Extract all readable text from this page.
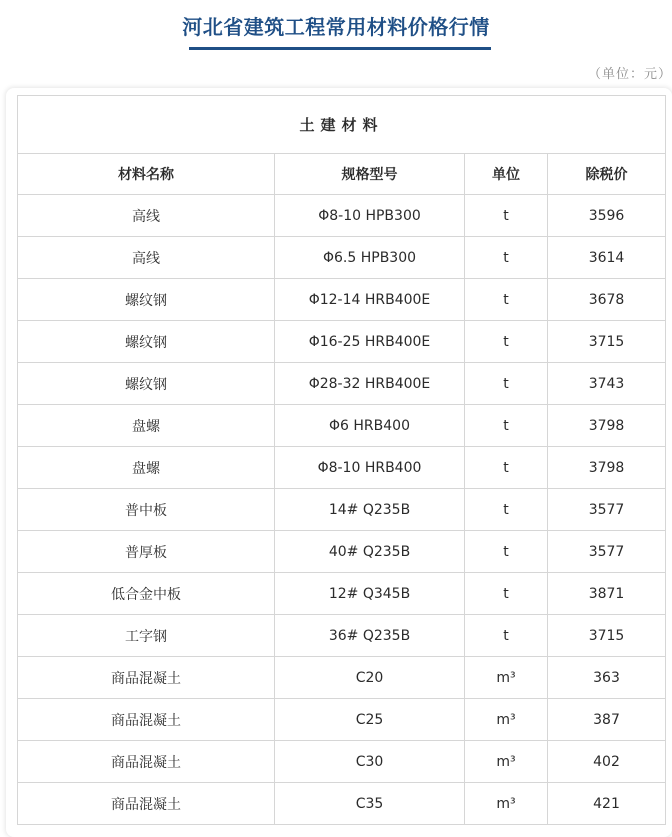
河北省建筑工程常用材料价格行情
（单位：元）
土建材料			
材料名称	规格型号	单位	除税价
高线	Φ8-10 HPB300	t	3596
高线	Φ6.5 HPB300	t	3614
螺纹钢	Φ12-14 HRB400E	t	3678
螺纹钢	Φ16-25 HRB400E	t	3715
螺纹钢	Φ28-32 HRB400E	t	3743
盘螺	Φ6 HRB400	t	3798
盘螺	Φ8-10 HRB400	t	3798
普中板	14# Q235B	t	3577
普厚板	40# Q235B	t	3577
低合金中板	12# Q345B	t	3871
工字钢	36# Q235B	t	3715
商品混凝土	C20	m³	363
商品混凝土	C25	m³	387
商品混凝土	C30	m³	402
商品混凝土	C35	m³	421
